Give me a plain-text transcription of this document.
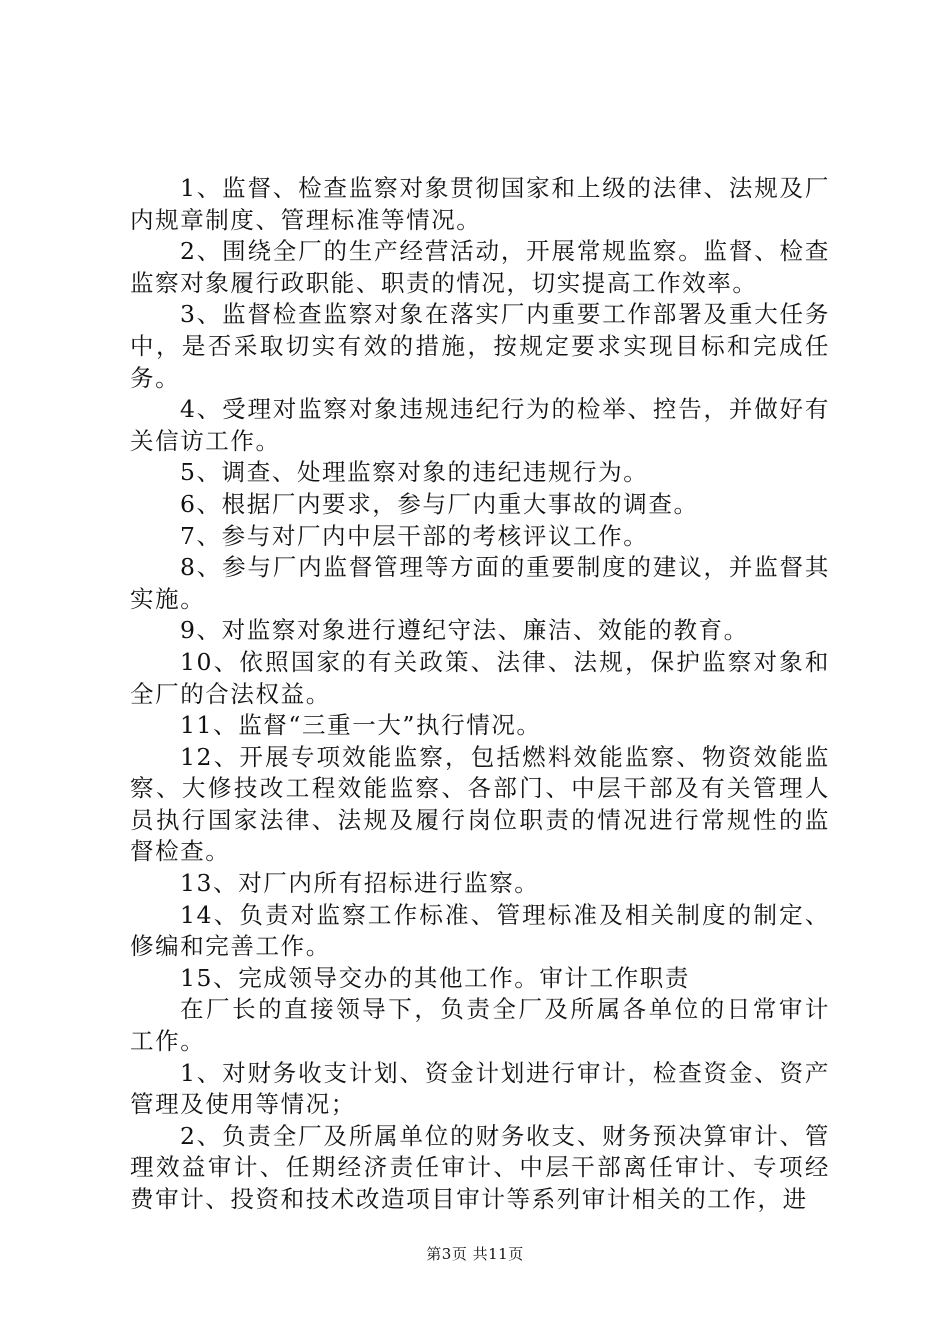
1、监督、检查监察对象贯彻国家和上级的法律、法规及厂内规章制度、管理标准等情况。

2、围绕全厂的生产经营活动，开展常规监察。监督、检查监察对象履行政职能、职责的情况，切实提高工作效率。

3、监督检查监察对象在落实厂内重要工作部署及重大任务中，是否采取切实有效的措施，按规定要求实现目标和完成任务。

4、受理对监察对象违规违纪行为的检举、控告，并做好有关信访工作。

5、调查、处理监察对象的违纪违规行为。

6、根据厂内要求，参与厂内重大事故的调查。

7、参与对厂内中层干部的考核评议工作。

8、参与厂内监督管理等方面的重要制度的建议，并监督其实施。

9、对监察对象进行遵纪守法、廉洁、效能的教育。

10、依照国家的有关政策、法律、法规，保护监察对象和全厂的合法权益。

11、监督“三重一大”执行情况。

12、开展专项效能监察，包括燃料效能监察、物资效能监察、大修技改工程效能监察、各部门、中层干部及有关管理人员执行国家法律、法规及履行岗位职责的情况进行常规性的监督检查。

13、对厂内所有招标进行监察。

14、负责对监察工作标准、管理标准及相关制度的制定、修编和完善工作。

15、完成领导交办的其他工作。审计工作职责

在厂长的直接领导下，负责全厂及所属各单位的日常审计工作。

1、对财务收支计划、资金计划进行审计，检查资金、资产管理及使用等情况；

2、负责全厂及所属单位的财务收支、财务预决算审计、管理效益审计、任期经济责任审计、中层干部离任审计、专项经费审计、投资和技术改造项目审计等系列审计相关的工作，进

第3页 共11页
